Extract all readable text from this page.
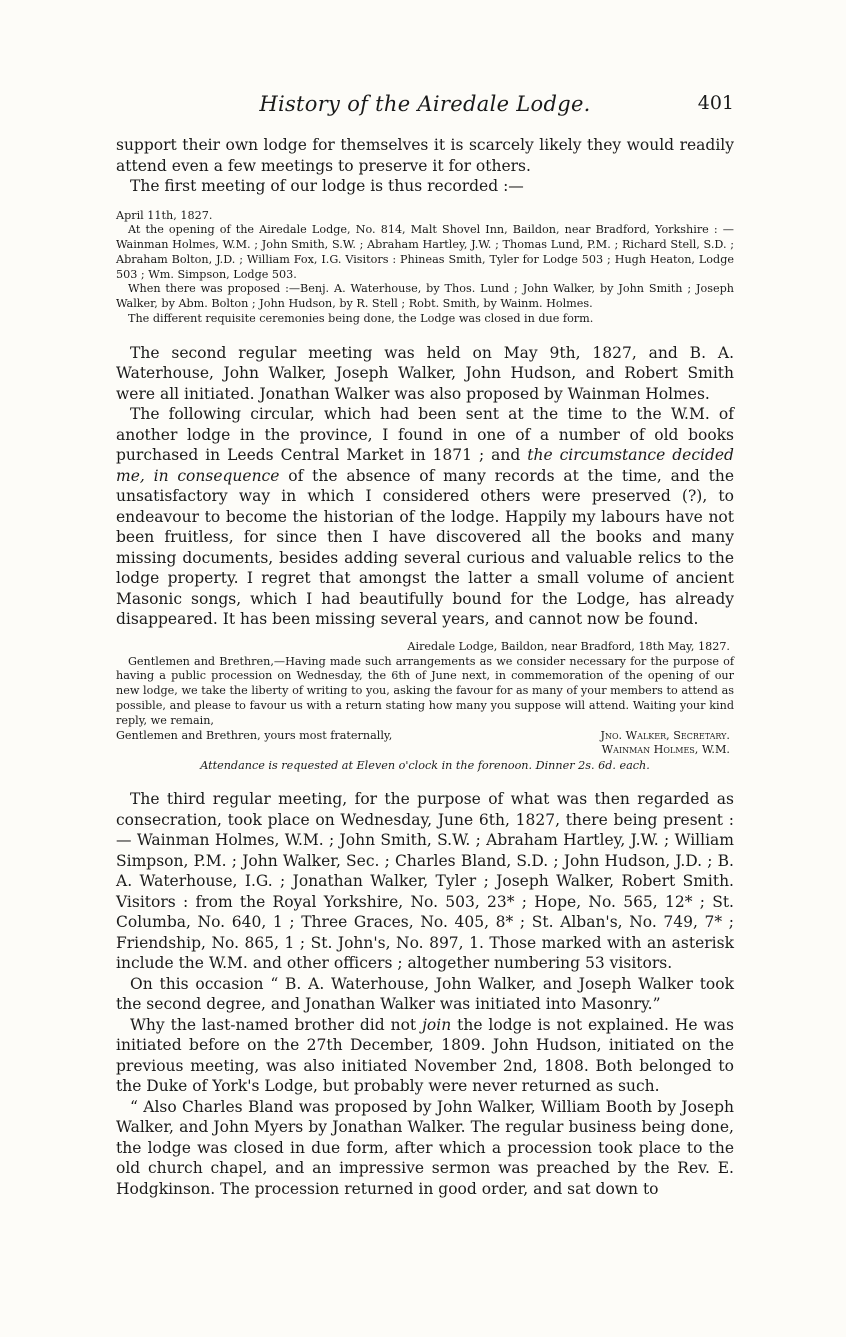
History of the Airedale Lodge.	401

support their own lodge for themselves it is scarcely likely they would readily attend even a few meetings to preserve it for others.

The first meeting of our lodge is thus recorded :—

April 11th, 1827.

At the opening of the Airedale Lodge, No. 814, Malt Shovel Inn, Baildon, near Bradford, Yorkshire : — Wainman Holmes, W.M. ; John Smith, S.W. ; Abraham Hartley, J.W. ; Thomas Lund, P.M. ; Richard Stell, S.D. ; Abraham Bolton, J.D. ; William Fox, I.G. Visitors : Phineas Smith, Tyler for Lodge 503 ; Hugh Heaton, Lodge 503 ; Wm. Simpson, Lodge 503.

When there was proposed :—Benj. A. Waterhouse, by Thos. Lund ; John Walker, by John Smith ; Joseph Walker, by Abm. Bolton ; John Hudson, by R. Stell ; Robt. Smith, by Wainm. Holmes.

The different requisite ceremonies being done, the Lodge was closed in due form.

The second regular meeting was held on May 9th, 1827, and B. A. Waterhouse, John Walker, Joseph Walker, John Hudson, and Robert Smith were all initiated. Jonathan Walker was also proposed by Wainman Holmes.

The following circular, which had been sent at the time to the W.M. of another lodge in the province, I found in one of a number of old books purchased in Leeds Central Market in 1871 ; and the circumstance decided me, in consequence of the absence of many records at the time, and the unsatisfactory way in which I considered others were preserved (?), to endeavour to become the historian of the lodge. Happily my labours have not been fruitless, for since then I have discovered all the books and many missing documents, besides adding several curious and valuable relics to the lodge property. I regret that amongst the latter a small volume of ancient Masonic songs, which I had beautifully bound for the Lodge, has already disappeared. It has been missing several years, and cannot now be found.

Airedale Lodge, Baildon, near Bradford, 18th May, 1827.

Gentlemen and Brethren,—Having made such arrangements as we consider necessary for the purpose of having a public procession on Wednesday, the 6th of June next, in commemoration of the opening of our new lodge, we take the liberty of writing to you, asking the favour for as many of your members to attend as possible, and please to favour us with a return stating how many you suppose will attend. Waiting your kind reply, we remain,

Gentlemen and Brethren, yours most fraternally,	Jno. Walker, Secretary.
Wainman Holmes, W.M.

Attendance is requested at Eleven o'clock in the forenoon. Dinner 2s. 6d. each.

The third regular meeting, for the purpose of what was then regarded as consecration, took place on Wednesday, June 6th, 1827, there being present :— Wainman Holmes, W.M. ; John Smith, S.W. ; Abraham Hartley, J.W. ; William Simpson, P.M. ; John Walker, Sec. ; Charles Bland, S.D. ; John Hudson, J.D. ; B. A. Waterhouse, I.G. ; Jonathan Walker, Tyler ; Joseph Walker, Robert Smith. Visitors : from the Royal Yorkshire, No. 503, 23* ; Hope, No. 565, 12* ; St. Columba, No. 640, 1 ; Three Graces, No. 405, 8* ; St. Alban's, No. 749, 7* ; Friendship, No. 865, 1 ; St. John's, No. 897, 1. Those marked with an asterisk include the W.M. and other officers ; altogether numbering 53 visitors.

On this occasion “ B. A. Waterhouse, John Walker, and Joseph Walker took the second degree, and Jonathan Walker was initiated into Masonry.”

Why the last-named brother did not join the lodge is not explained. He was initiated before on the 27th December, 1809. John Hudson, initiated on the previous meeting, was also initiated November 2nd, 1808. Both belonged to the Duke of York's Lodge, but probably were never returned as such.

“ Also Charles Bland was proposed by John Walker, William Booth by Joseph Walker, and John Myers by Jonathan Walker. The regular business being done, the lodge was closed in due form, after which a procession took place to the old church chapel, and an impressive sermon was preached by the Rev. E. Hodgkinson. The procession returned in good order, and sat down to
